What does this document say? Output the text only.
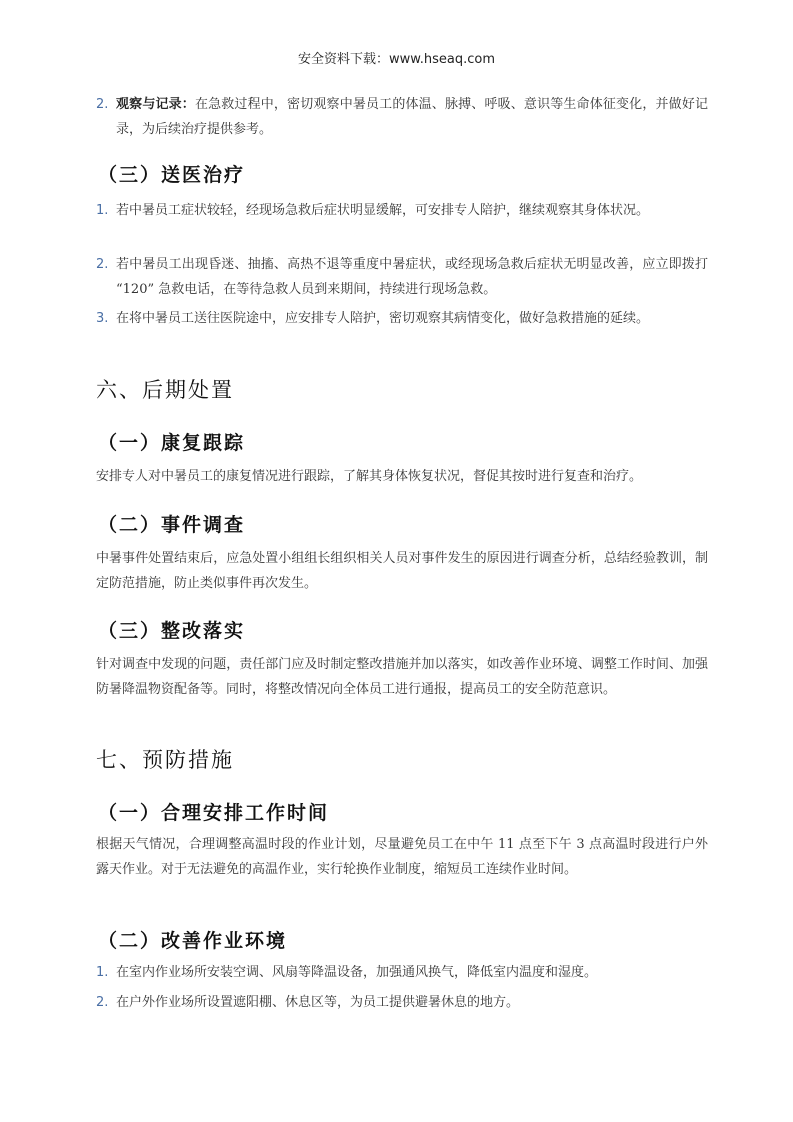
安全资料下载：www.hseaq.com
2. 观察与记录：在急救过程中，密切观察中暑员工的体温、脉搏、呼吸、意识等生命体征变化，并做好记录，为后续治疗提供参考。
（三）送医治疗
1. 若中暑员工症状较轻，经现场急救后症状明显缓解，可安排专人陪护，继续观察其身体状况。
2. 若中暑员工出现昏迷、抽搐、高热不退等重度中暑症状，或经现场急救后症状无明显改善，应立即拨打 “120” 急救电话，在等待急救人员到来期间，持续进行现场急救。
3. 在将中暑员工送往医院途中，应安排专人陪护，密切观察其病情变化，做好急救措施的延续。
六、后期处置
（一）康复跟踪
安排专人对中暑员工的康复情况进行跟踪，了解其身体恢复状况，督促其按时进行复查和治疗。
（二）事件调查
中暑事件处置结束后，应急处置小组组长组织相关人员对事件发生的原因进行调查分析，总结经验教训，制定防范措施，防止类似事件再次发生。
（三）整改落实
针对调查中发现的问题，责任部门应及时制定整改措施并加以落实，如改善作业环境、调整工作时间、加强防暑降温物资配备等。同时，将整改情况向全体员工进行通报，提高员工的安全防范意识。
七、预防措施
（一）合理安排工作时间
根据天气情况，合理调整高温时段的作业计划，尽量避免员工在中午 11 点至下午 3 点高温时段进行户外露天作业。对于无法避免的高温作业，实行轮换作业制度，缩短员工连续作业时间。
（二）改善作业环境
1. 在室内作业场所安装空调、风扇等降温设备，加强通风换气，降低室内温度和湿度。
2. 在户外作业场所设置遮阳棚、休息区等，为员工提供避暑休息的地方。
